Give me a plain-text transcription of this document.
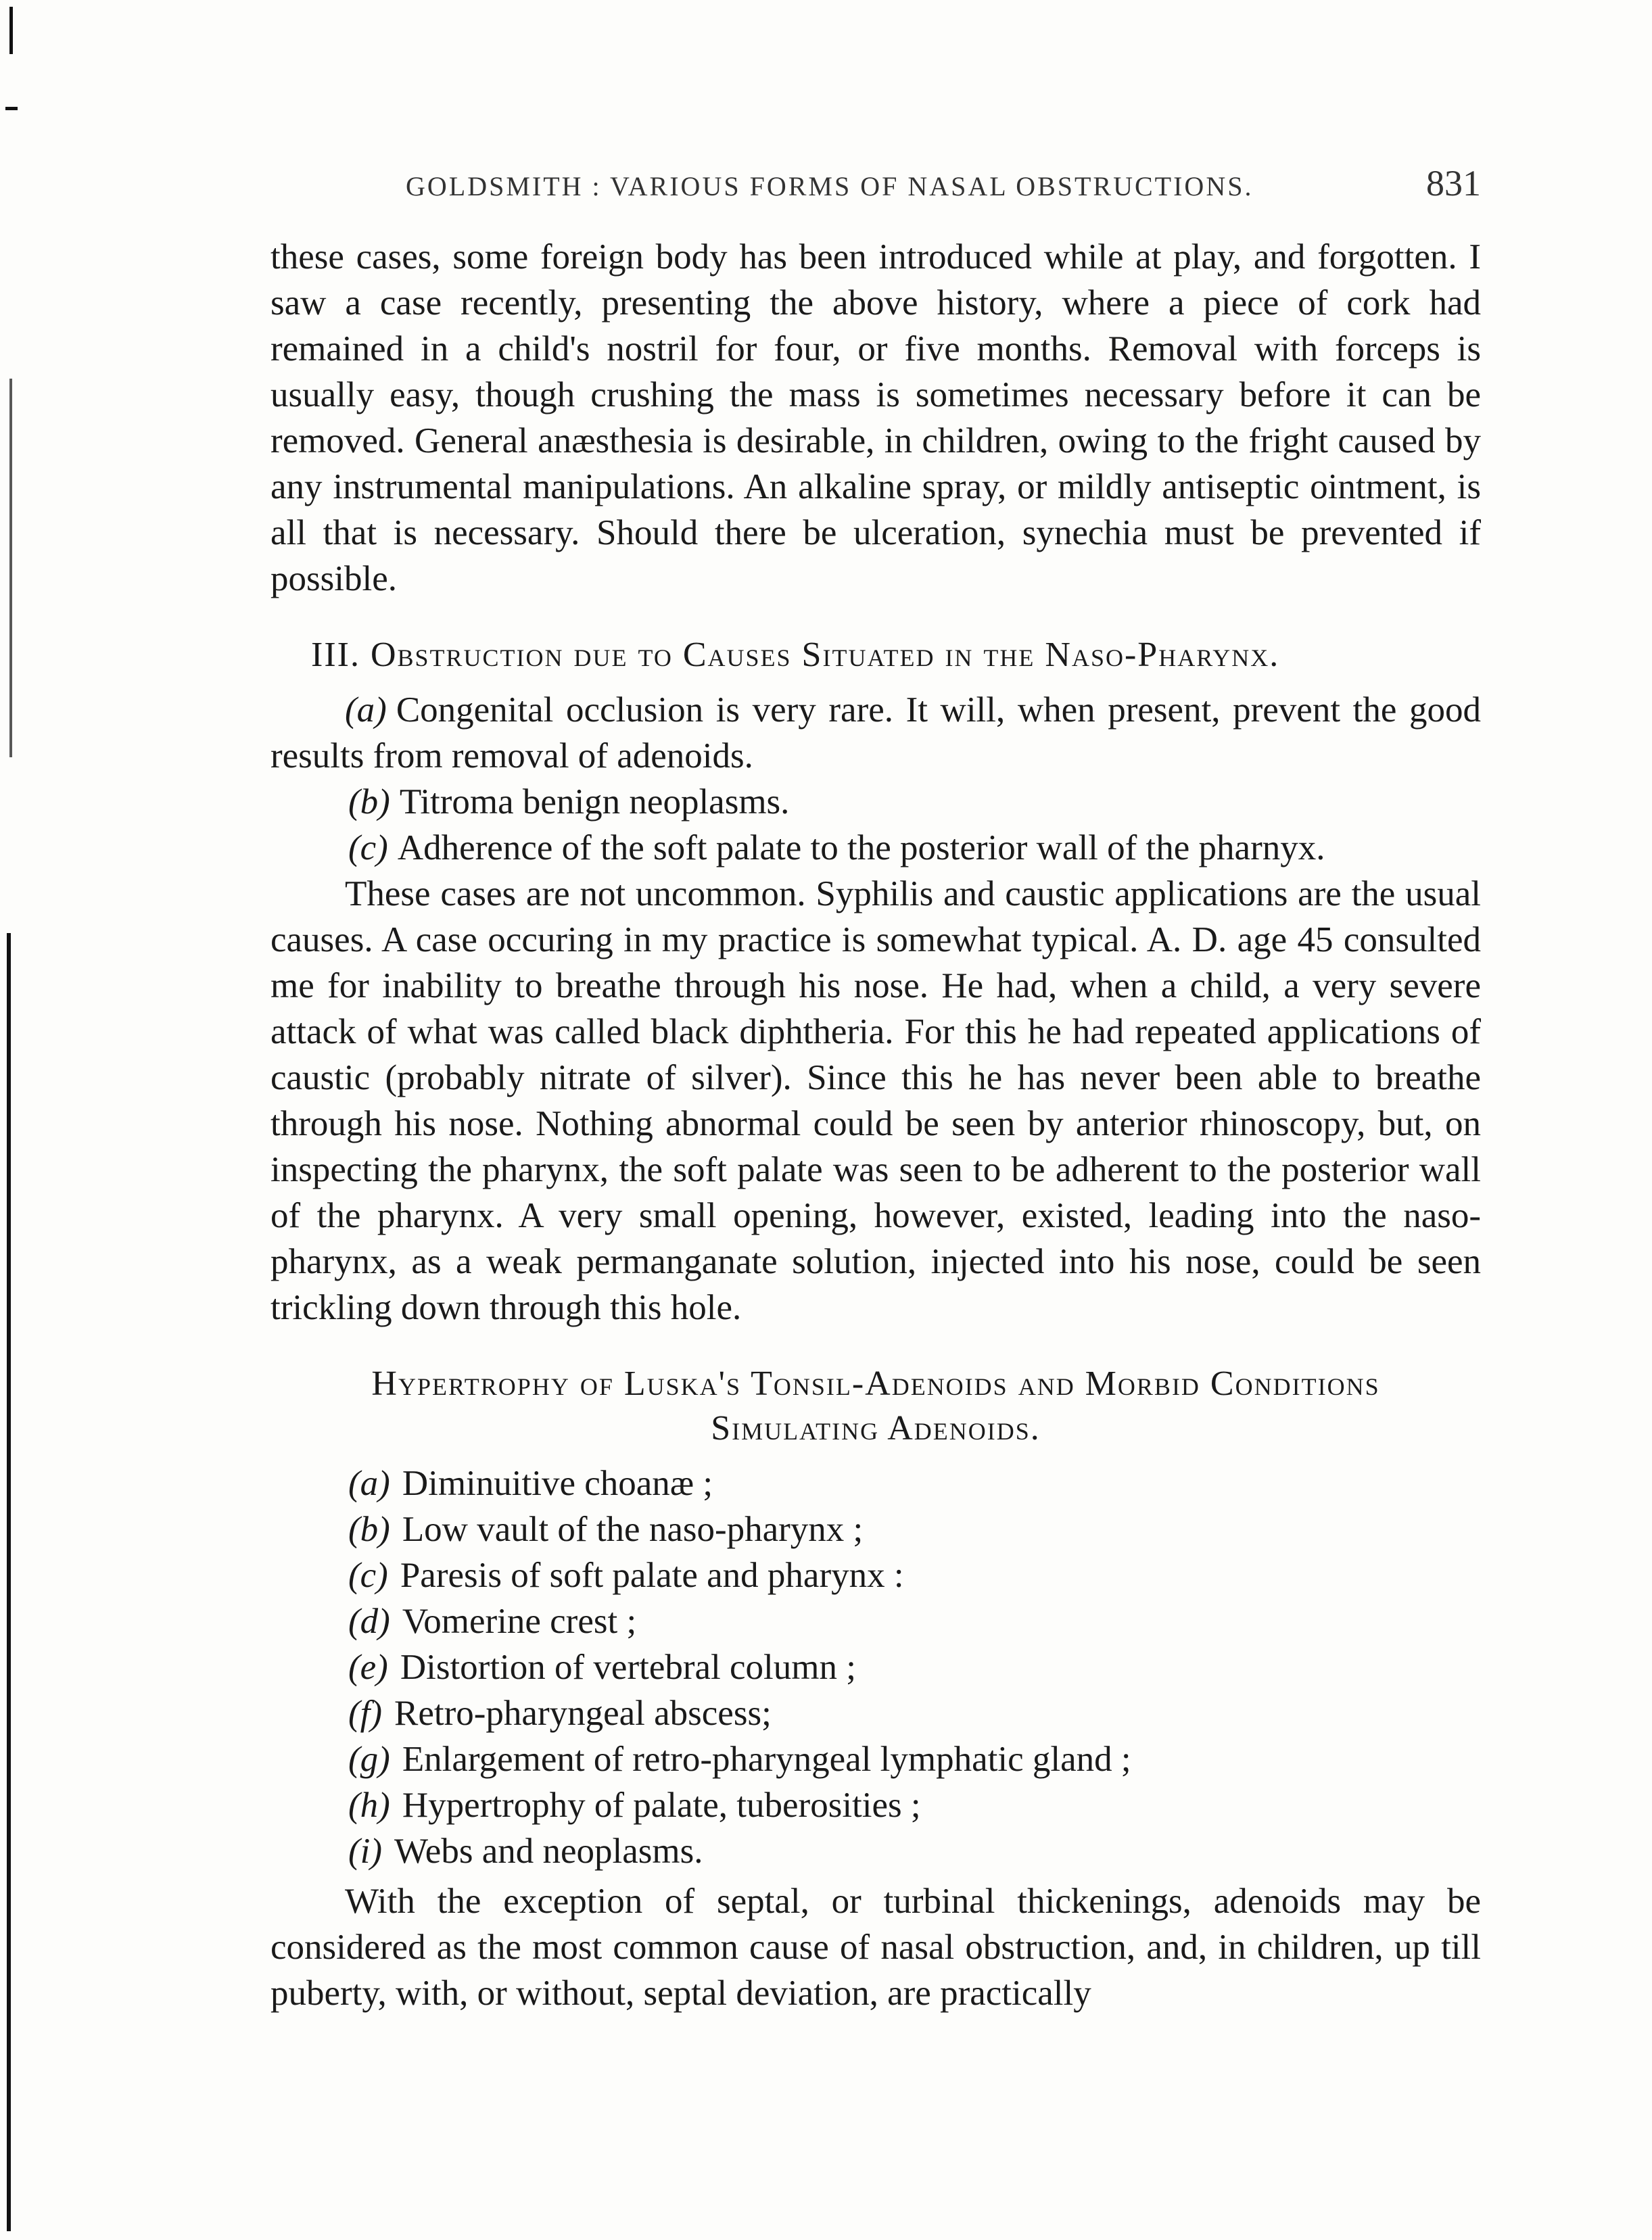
GOLDSMITH : VARIOUS FORMS OF NASAL OBSTRUCTIONS.	831

these cases, some foreign body has been introduced while at play, and forgotten. I saw a case recently, presenting the above history, where a piece of cork had remained in a child's nostril for four, or five months. Removal with forceps is usually easy, though crushing the mass is sometimes necessary before it can be removed. General anæsthesia is desirable, in children, owing to the fright caused by any instrumental manipulations. An alkaline spray, or mildly antiseptic ointment, is all that is necessary. Should there be ulceration, synechia must be prevented if possible.

III. Obstruction due to Causes Situated in the Naso-Pharynx.

(a) Congenital occlusion is very rare. It will, when present, prevent the good results from removal of adenoids.

(b) Titroma benign neoplasms.
(c) Adherence of the soft palate to the posterior wall of the pharnyx.

These cases are not uncommon. Syphilis and caustic applications are the usual causes. A case occuring in my practice is somewhat typical. A. D. age 45 consulted me for inability to breathe through his nose. He had, when a child, a very severe attack of what was called black diphtheria. For this he had repeated applications of caustic (probably nitrate of silver). Since this he has never been able to breathe through his nose. Nothing abnormal could be seen by anterior rhinoscopy, but, on inspecting the pharynx, the soft palate was seen to be adherent to the posterior wall of the pharynx. A very small opening, however, existed, leading into the naso-pharynx, as a weak permanganate solution, injected into his nose, could be seen trickling down through this hole.

Hypertrophy of Luska's Tonsil-Adenoids and Morbid Conditions
Simulating Adenoids.
(a) Diminuitive choanæ ;
(b) Low vault of the naso-pharynx ;
(c) Paresis of soft palate and pharynx :
(d) Vomerine crest ;
(e) Distortion of vertebral column ;
(f) Retro-pharyngeal abscess;
(g) Enlargement of retro-pharyngeal lymphatic gland ;
(h) Hypertrophy of palate, tuberosities ;
(i) Webs and neoplasms.

With the exception of septal, or turbinal thickenings, adenoids may be considered as the most common cause of nasal obstruction, and, in children, up till puberty, with, or without, septal deviation, are practically
